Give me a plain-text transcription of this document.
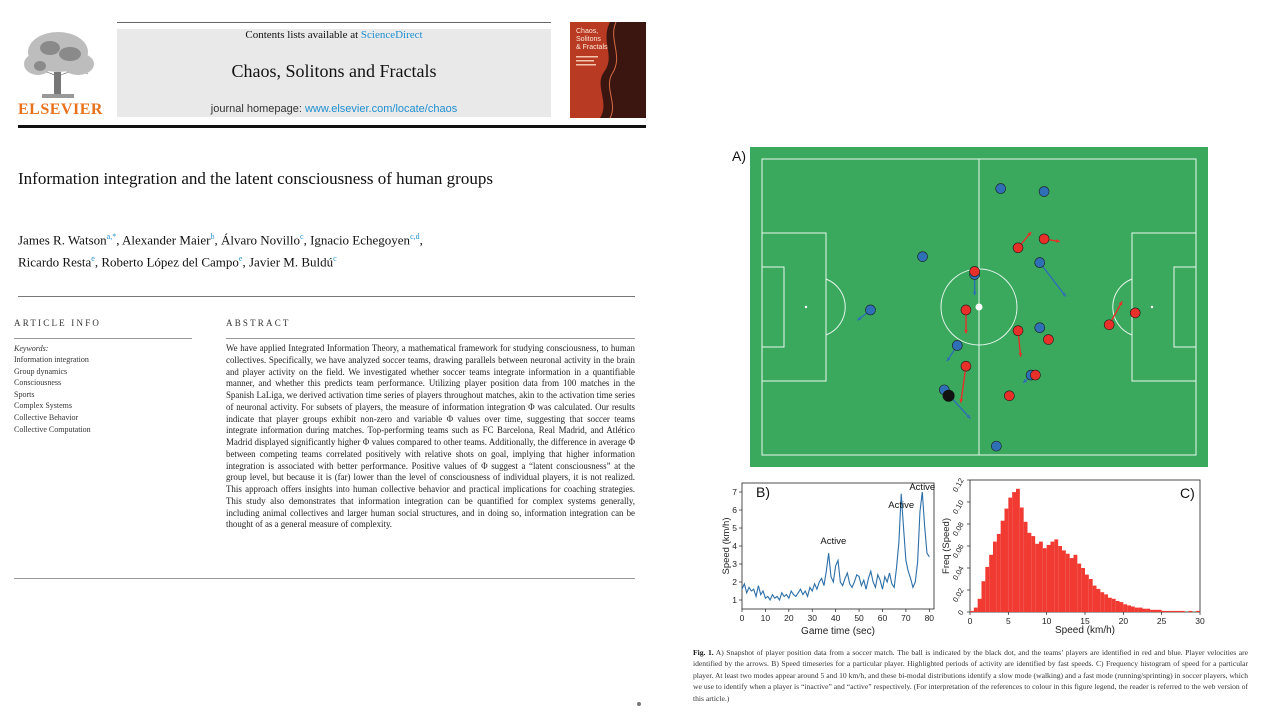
ELSEVIER
Contents lists available at ScienceDirect
Chaos, Solitons and Fractals
journal homepage: www.elsevier.com/locate/chaos
Chaos,
Solitons
& Fractals
Information integration and the latent consciousness of human groups
James R. Watson$^{a,*}$, Alexander Maier$^b$, Álvaro Novillo$^c$, Ignacio Echegoyen$^{c,d}$,
Ricardo Resta$^e$, Roberto López del Campo$^e$, Javier M. Buldú$^c$
ARTICLE INFO
Keywords:
Information integration
Group dynamics
Consciousness
Sports
Complex Systems
Collective Behavior
Collective Computation
ABSTRACT

We have applied Integrated Information Theory, a mathematical framework for studying consciousness, to human collectives. Specifically, we have analyzed soccer teams, drawing parallels between neuronal activity in the brain and player activity on the field. We investigated whether soccer teams integrate information in a quantifiable manner, and whether this predicts team performance. Utilizing player position data from 100 matches in the Spanish LaLiga, we derived activation time series of players throughout matches, akin to the activation time series of neuronal activity. For subsets of players, the measure of information integration Φ was calculated. Our results indicate that player groups exhibit non-zero and variable Φ values over time, suggesting that soccer teams integrate information during matches. Top-performing teams such as FC Barcelona, Real Madrid, and Atlético Madrid displayed significantly higher Φ values compared to other teams. Additionally, the difference in average Φ between competing teams correlated positively with relative shots on goal, implying that higher information integration is associated with better performance. Positive values of Φ suggest a “latent consciousness” at the group level, but because it is (far) lower than the level of consciousness of individual players, it is not realized. This approach offers insights into human collective behavior and practical implications for coaching strategies. This study also demonstrates that information integration can be quantified for complex systems generally, including animal collectives and larger human social structures, and in doing so, information integration can be thought of as a general measure of complexity.

A)
0 10 20 30 40 50 60 70 80
1
2
3
4
5
6
7
Game time (sec)
Speed (km/h)	Active
Active
Active
B)
0	5	10	15	20	25	30
0
0.02
0.04
0.06
0.08
0.10
0.12
Speed (km/h)
Freq (Speed)
C)

Fig. 1. A) Snapshot of player position data from a soccer match. The ball is indicated by the black dot, and the teams’ players are identified in red and blue. Player velocities are identified by the arrows. B) Speed timeseries for a particular player. Highlighted periods of activity are identified by fast speeds. C) Frequency histogram of speed for a particular player. At least two modes appear around 5 and 10 km/h, and these bi-modal distributions identify a slow mode (walking) and a fast mode (running/sprinting) in soccer players, which we use to identify when a player is “inactive” and “active” respectively. (For interpretation of the references to colour in this figure legend, the reader is referred to the web version of this article.)
